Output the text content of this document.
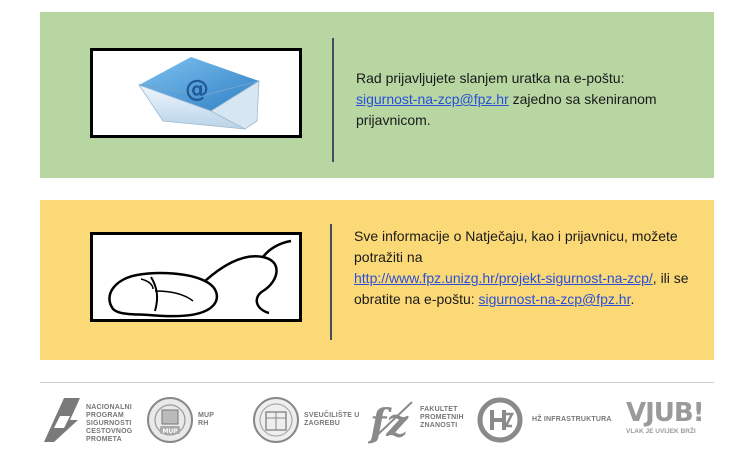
@	Rad prijavljujete slanjem uratka na e-poštu:
sigurnost-na-zcp@fpz.hr zajedno sa skeniranom prijavnicom.
Sve informacije o Natječaju, kao i prijavnicu, možete potražiti na
http://www.fpz.unizg.hr/projekt-sigurnost-na-zcp/, ili se obratite na e-poštu: sigurnost-na-zcp@fpz.hr.
NACIONALNI PROGRAM SIGURNOSTI CESTOVNOG PROMETA
MUP
MUP RH
SVEUČILIŠTE U ZAGREBU fz FAKULTET PROMETNIH ZNANOSTI
HŽ INFRASTRUKTURA VJUB!
VLAK JE UVIJEK BRŽI
